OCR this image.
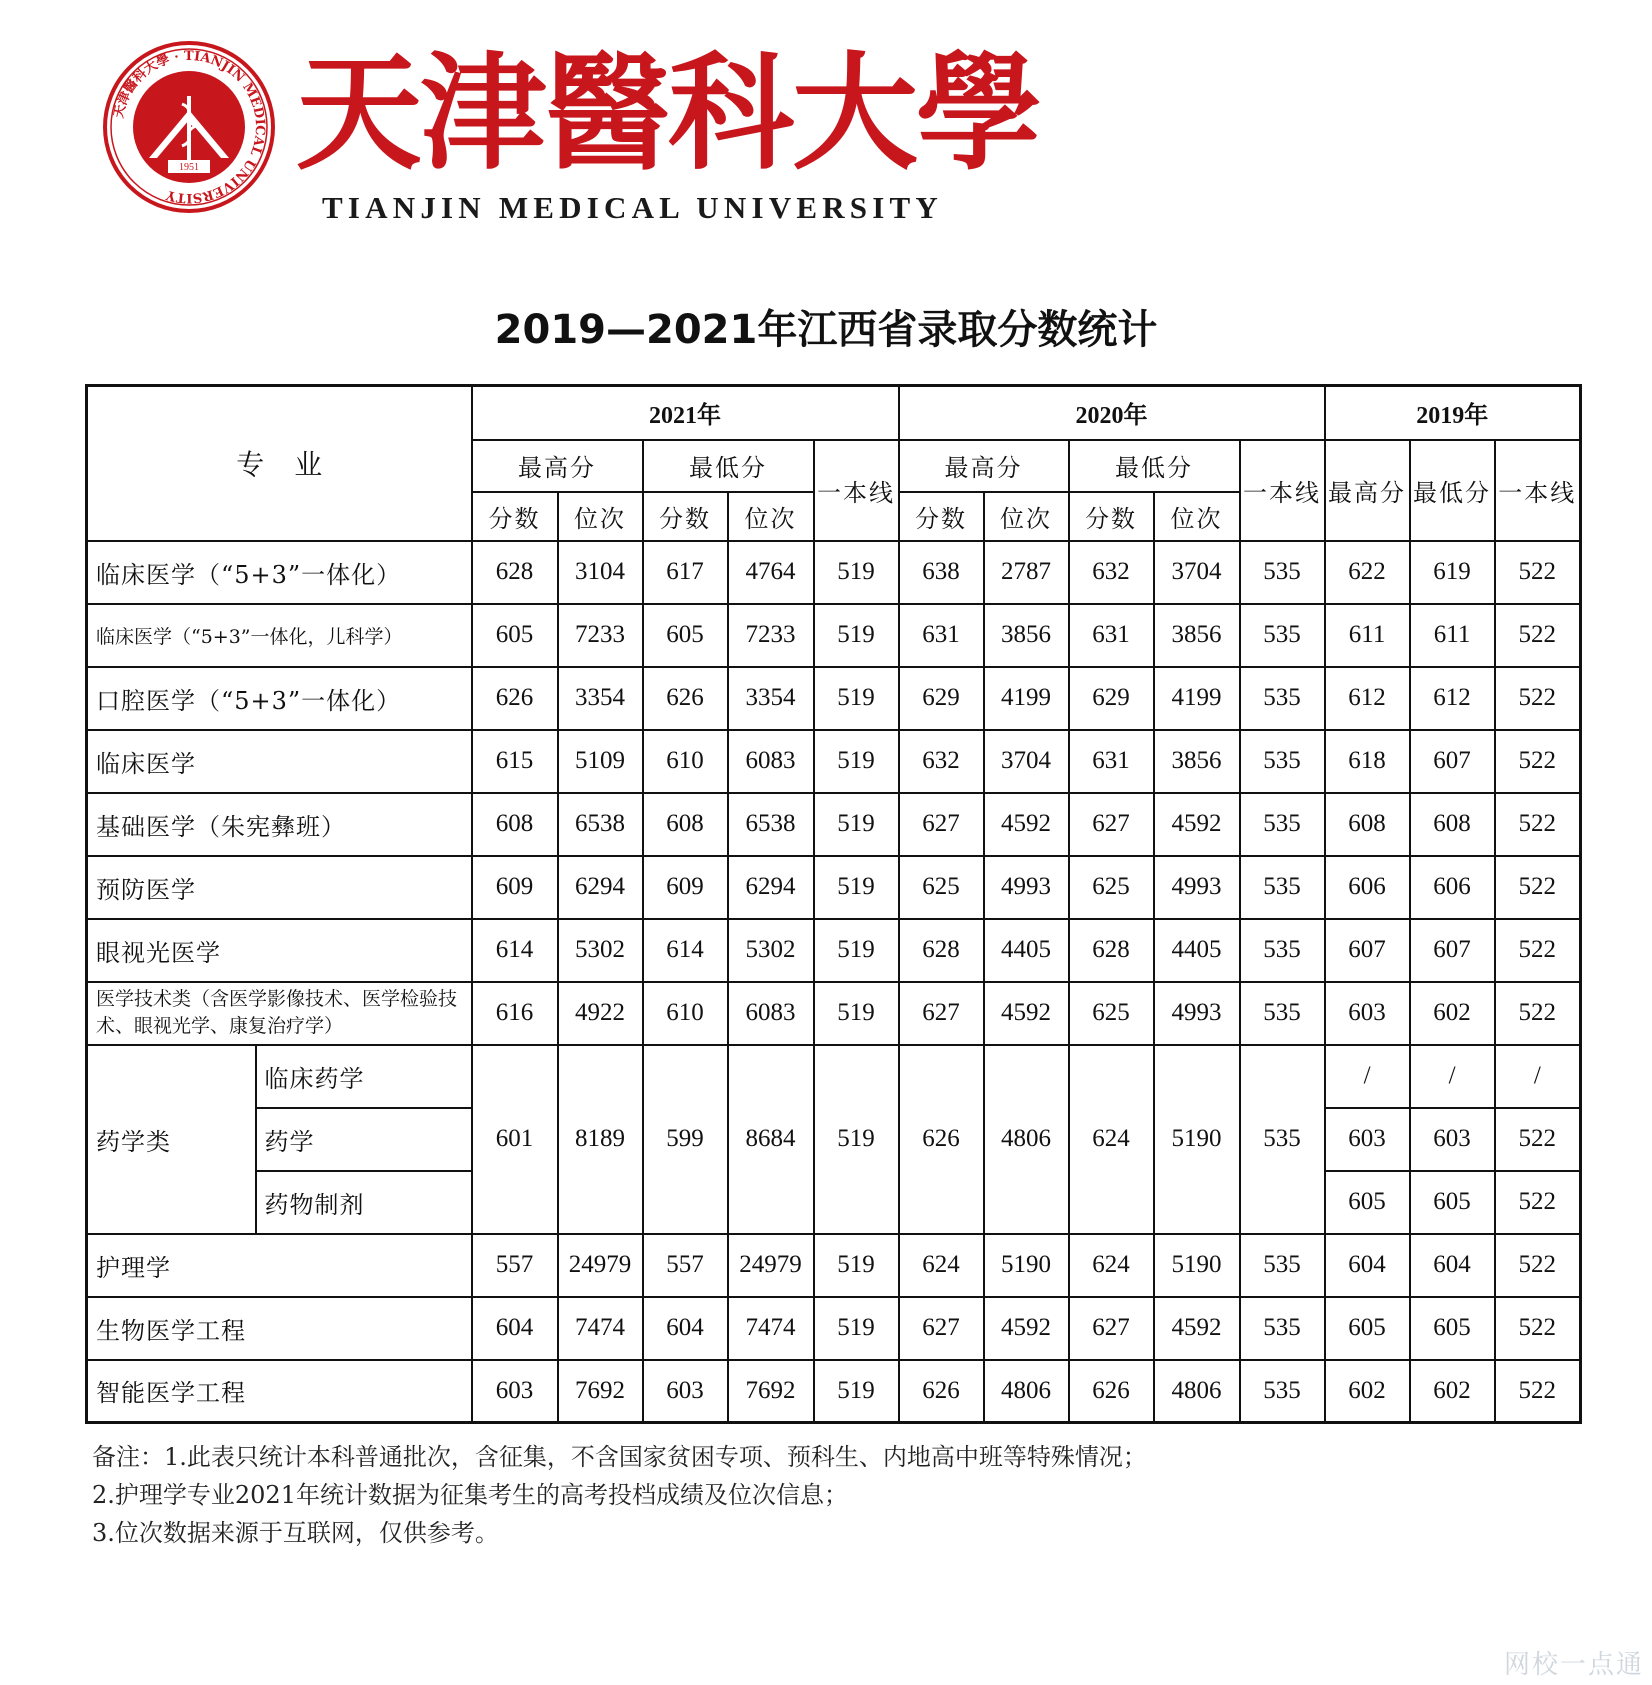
1951
天津醫科大學 · TIANJIN MEDICAL UNIVERSITY
天津醫科大學
TIANJIN MEDICAL UNIVERSITY
2019—2021年江西省录取分数统计
专业		2021年					2020年					2019年		
		最高分		最低分		一本线	最高分		最低分		一本线	最高分	最低分	一本线
		分数	位次	分数	位次		分数	位次	分数	位次				
临床医学（“5+3”一体化）		628	3104	617	4764	519	638	2787	632	3704	535	622	619	522
临床医学（“5+3”一体化，儿科学）		605	7233	605	7233	519	631	3856	631	3856	535	611	611	522
口腔医学（“5+3”一体化）		626	3354	626	3354	519	629	4199	629	4199	535	612	612	522
临床医学		615	5109	610	6083	519	632	3704	631	3856	535	618	607	522
基础医学（朱宪彝班）		608	6538	608	6538	519	627	4592	627	4592	535	608	608	522
预防医学		609	6294	609	6294	519	625	4993	625	4993	535	606	606	522
眼视光医学		614	5302	614	5302	519	628	4405	628	4405	535	607	607	522
医学技术类（含医学影像技术、医学检验技术、眼视光学、康复治疗学）		616	4922	610	6083	519	627	4592	625	4993	535	603	602	522
药学类	临床药学	601	8189	599	8684	519	626	4806	624	5190	535	/	/	/
	药学											603	603	522
	药物制剂											605	605	522
护理学		557	24979	557	24979	519	624	5190	624	5190	535	604	604	522
生物医学工程		604	7474	604	7474	519	627	4592	627	4592	535	605	605	522
智能医学工程		603	7692	603	7692	519	626	4806	626	4806	535	602	602	522

备注：1.此表只统计本科普通批次，含征集，不含国家贫困专项、预科生、内地高中班等特殊情况；

2.护理学专业2021年统计数据为征集考生的高考投档成绩及位次信息；

3.位次数据来源于互联网，仅供参考。

网校一点通
